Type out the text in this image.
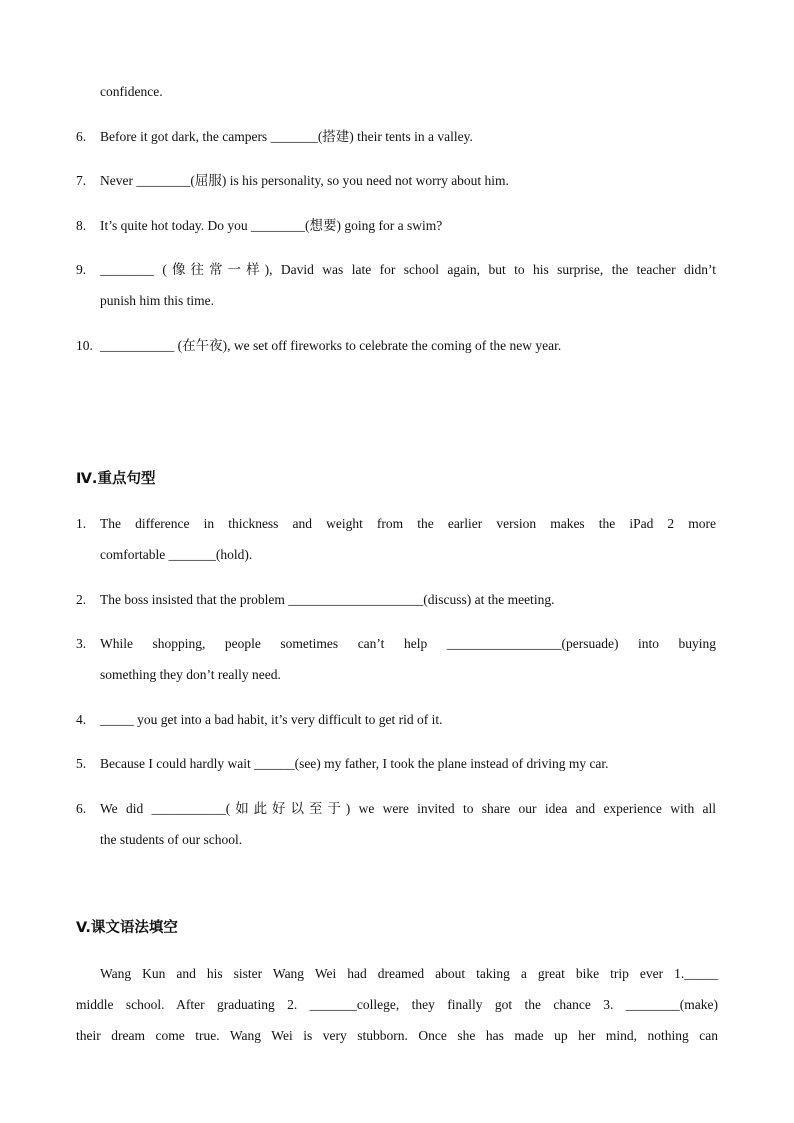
confidence.
6. Before it got dark, the campers _______(搭建) their tents in a valley.
7. Never ________(屈服) is his personality, so you need not worry about him.
8. It’s quite hot today. Do you ________(想要) going for a swim?
9. ________ (像往常一样), David was late for school again, but to his surprise, the teacher didn’t
punish him this time.
10. ___________ (在午夜), we set off fireworks to celebrate the coming of the new year.
Ⅳ.重点句型
1. The difference in thickness and weight from the earlier version makes the iPad 2 more
comfortable _______(hold).
2. The boss insisted that the problem ____________________(discuss) at the meeting.
3. While shopping, people sometimes can’t help _________________(persuade) into buying
something they don’t really need.
4. _____ you get into a bad habit, it’s very difficult to get rid of it.
5. Because I could hardly wait ______(see) my father, I took the plane instead of driving my car.
6. We did ___________(如此好以至于) we were invited to share our idea and experience with all
the students of our school.
V.课文语法填空
Wang Kun and his sister Wang Wei had dreamed about taking a great bike trip ever 1._____
middle school. After graduating 2. _______college, they finally got the chance 3. ________(make)
their dream come true. Wang Wei is very stubborn. Once she has made up her mind, nothing can
